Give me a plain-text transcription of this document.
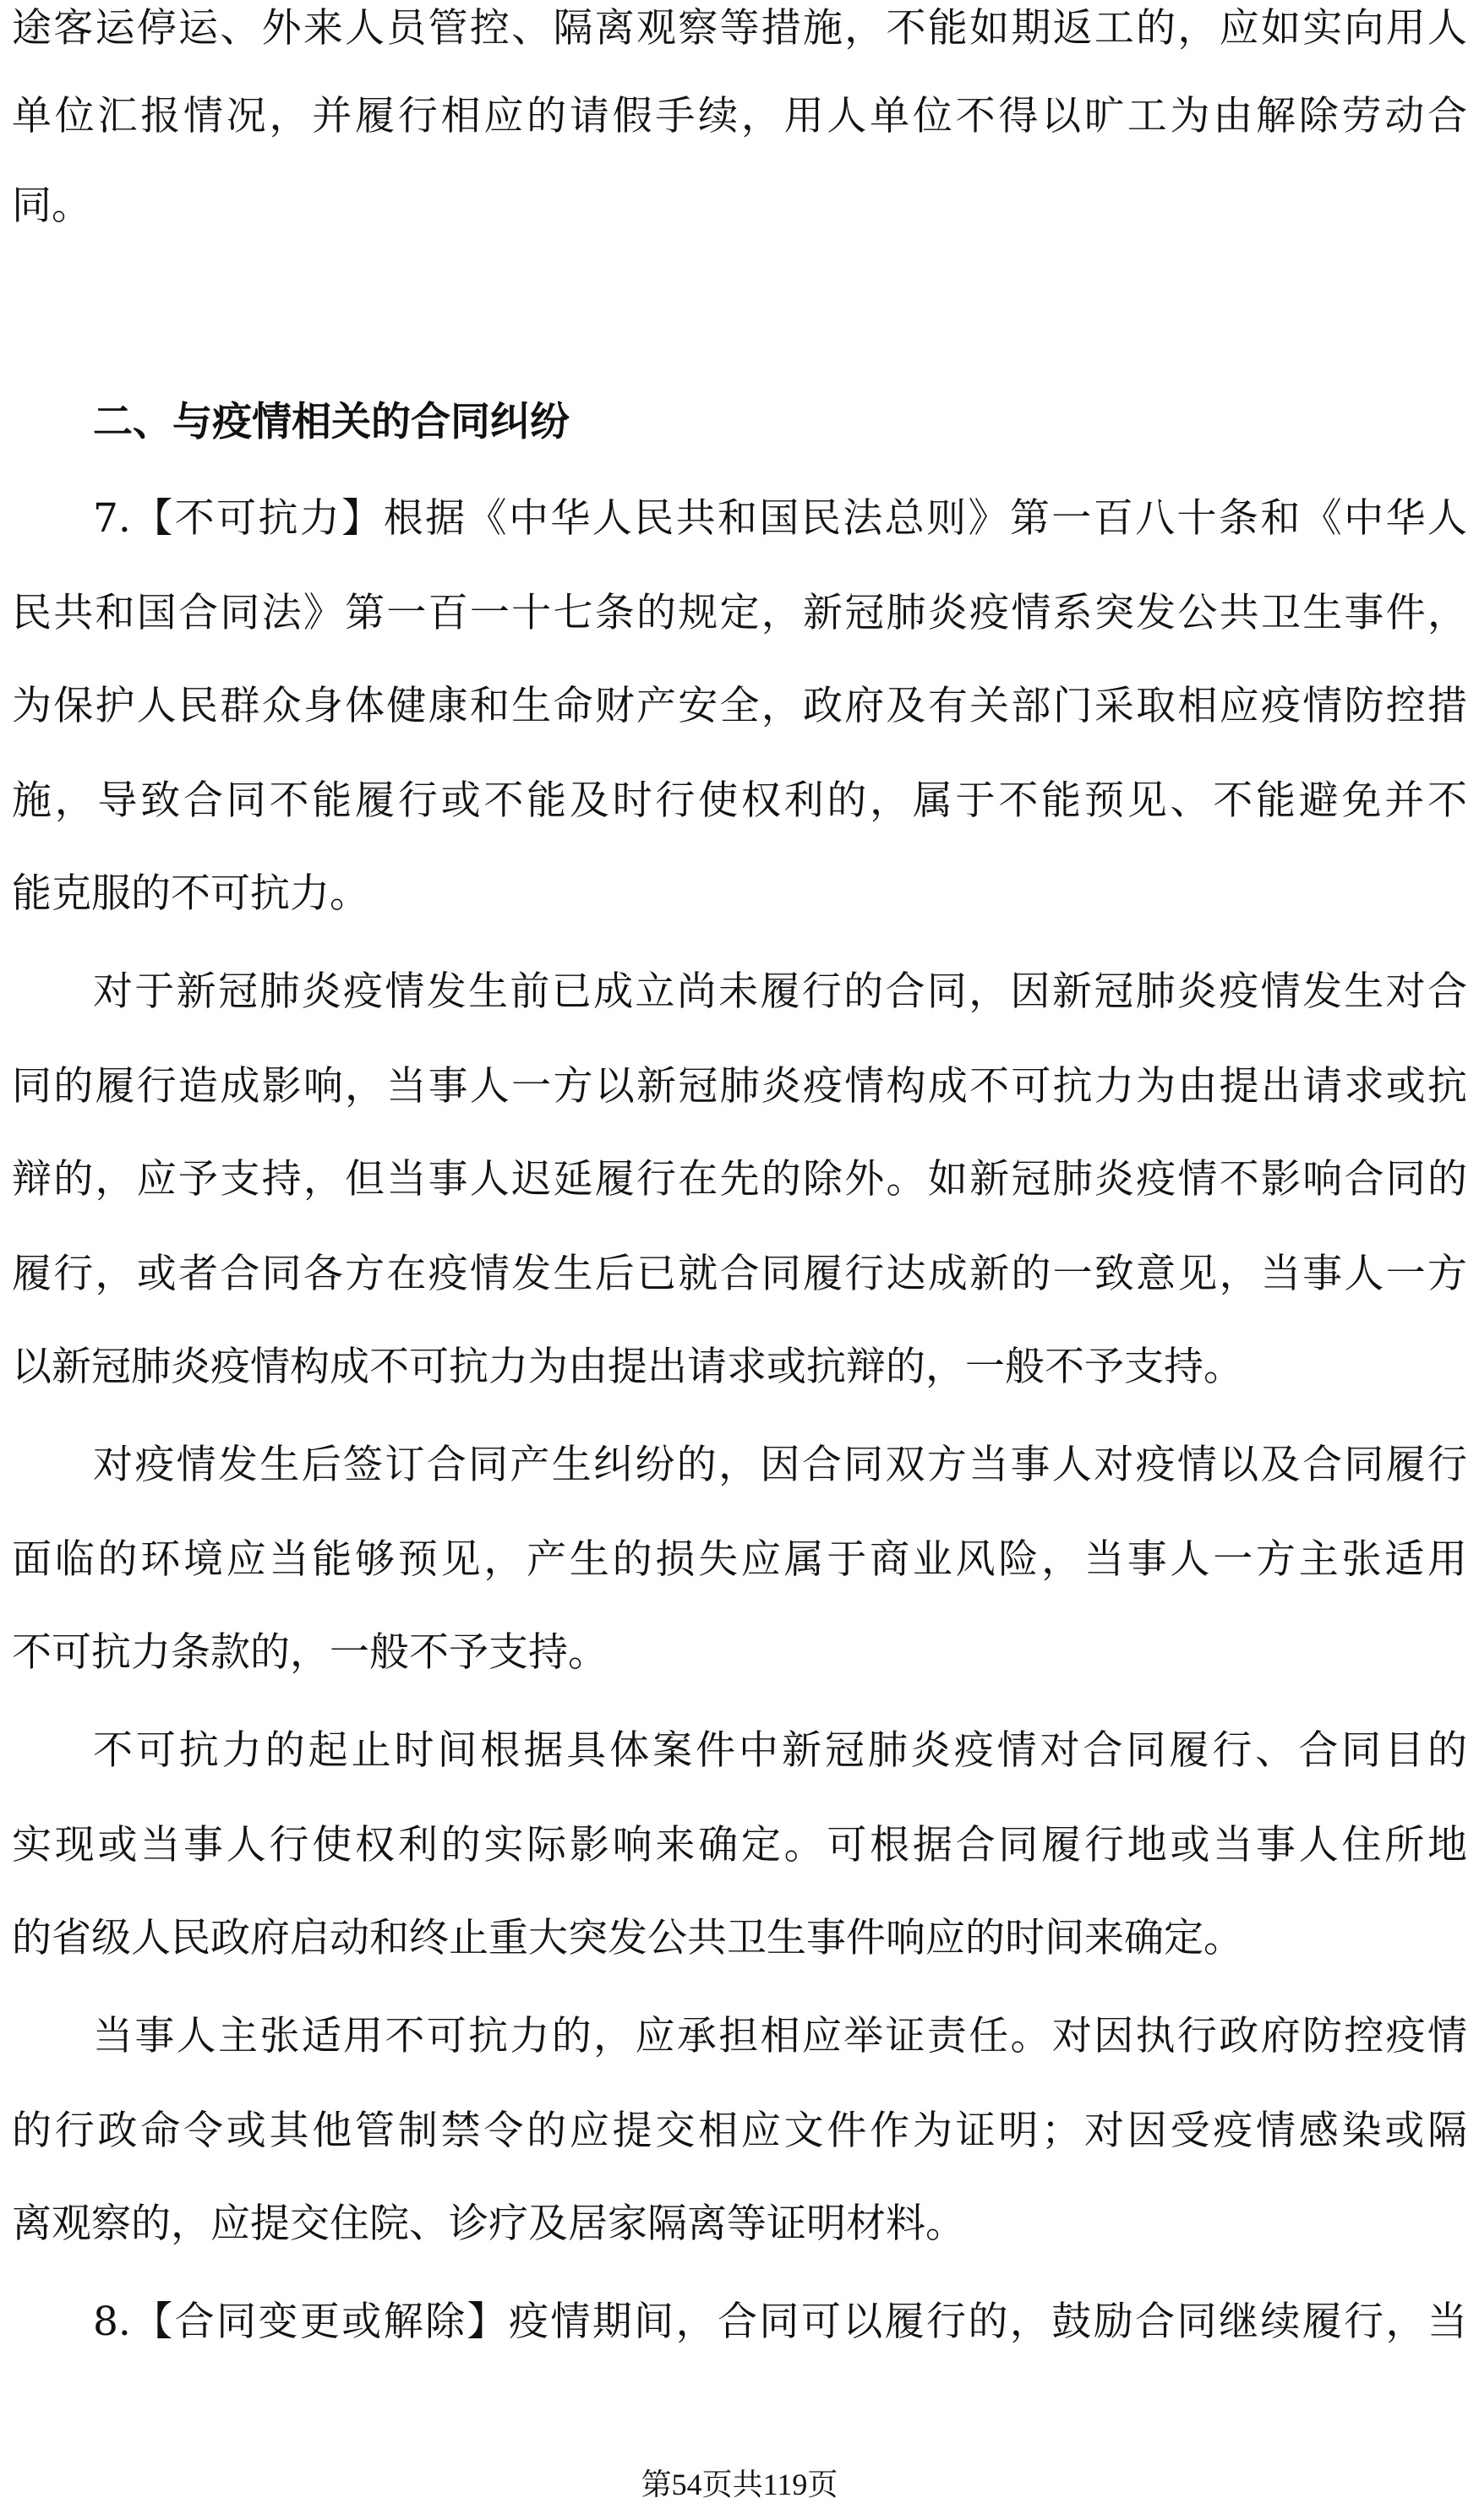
途客运停运、外来人员管控、隔离观察等措施，不能如期返工的，应如实向用人
单位汇报情况，并履行相应的请假手续，用人单位不得以旷工为由解除劳动合
同。
二、与疫情相关的合同纠纷
7.【不可抗力】根据《中华人民共和国民法总则》第一百八十条和《中华人
民共和国合同法》第一百一十七条的规定，新冠肺炎疫情系突发公共卫生事件，
为保护人民群众身体健康和生命财产安全，政府及有关部门采取相应疫情防控措
施，导致合同不能履行或不能及时行使权利的，属于不能预见、不能避免并不
能克服的不可抗力。
对于新冠肺炎疫情发生前已成立尚未履行的合同，因新冠肺炎疫情发生对合
同的履行造成影响，当事人一方以新冠肺炎疫情构成不可抗力为由提出请求或抗
辩的，应予支持，但当事人迟延履行在先的除外。如新冠肺炎疫情不影响合同的
履行，或者合同各方在疫情发生后已就合同履行达成新的一致意见，当事人一方
以新冠肺炎疫情构成不可抗力为由提出请求或抗辩的，一般不予支持。
对疫情发生后签订合同产生纠纷的，因合同双方当事人对疫情以及合同履行
面临的环境应当能够预见，产生的损失应属于商业风险，当事人一方主张适用
不可抗力条款的，一般不予支持。
不可抗力的起止时间根据具体案件中新冠肺炎疫情对合同履行、合同目的
实现或当事人行使权利的实际影响来确定。可根据合同履行地或当事人住所地
的省级人民政府启动和终止重大突发公共卫生事件响应的时间来确定。
当事人主张适用不可抗力的，应承担相应举证责任。对因执行政府防控疫情
的行政命令或其他管制禁令的应提交相应文件作为证明；对因受疫情感染或隔
离观察的，应提交住院、诊疗及居家隔离等证明材料。
8.【合同变更或解除】疫情期间，合同可以履行的，鼓励合同继续履行，当
第54页共119页
